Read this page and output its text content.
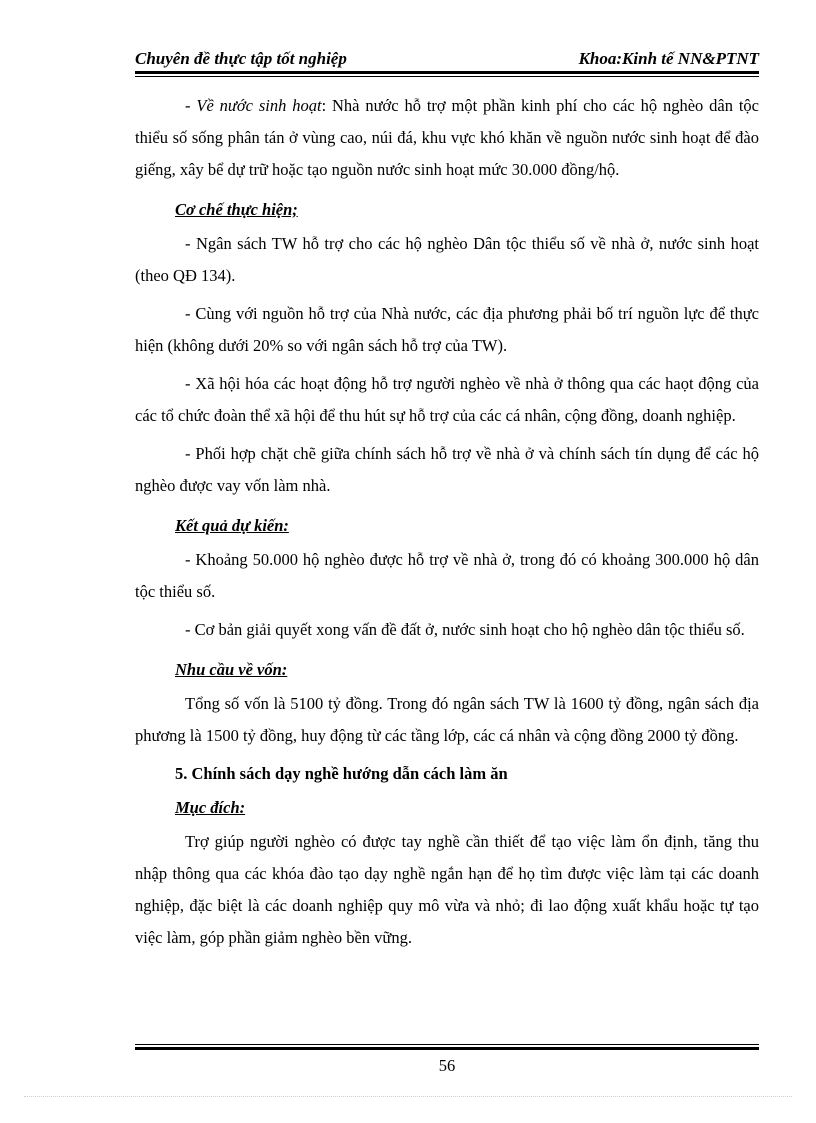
Chuyên đề thực tập tốt nghiệp	Khoa:Kinh tế NN&PTNT

- Về nước sinh hoạt: Nhà nước hỗ trợ một phần kinh phí cho các hộ nghèo dân tộc thiểu số sống phân tán ở vùng cao, núi đá, khu vực khó khăn về nguồn nước sinh hoạt để đào giếng, xây bể dự trữ hoặc tạo nguồn nước sinh hoạt mức 30.000 đồng/hộ.

Cơ chế thực hiện;

- Ngân sách TW hỗ trợ cho các hộ nghèo Dân tộc thiểu số về nhà ở, nước sinh hoạt (theo QĐ 134).

- Cùng với nguồn hỗ trợ của Nhà nước, các địa phương phải bố trí nguồn lực để thực hiện (không dưới 20% so với ngân sách hỗ trợ của TW).

- Xã hội hóa các hoạt động hỗ trợ người nghèo về nhà ở thông qua các haọt động của các tổ chức đoàn thể xã hội để thu hút sự hỗ trợ của các cá nhân, cộng đồng, doanh nghiệp.

- Phối hợp chặt chẽ giữa chính sách hỗ trợ về nhà ở và chính sách tín dụng để các hộ nghèo được vay vốn làm nhà.

Kết quả dự kiến:

- Khoảng 50.000 hộ nghèo được hỗ trợ về nhà ở, trong đó có khoảng 300.000 hộ dân tộc thiểu số.

- Cơ bản giải quyết xong vấn đề đất ở, nước sinh hoạt cho hộ nghèo dân tộc thiểu số.

Nhu cầu về vốn:

Tổng số vốn là 5100 tỷ đồng. Trong đó ngân sách TW là 1600 tỷ đồng, ngân sách địa phương là 1500 tỷ đồng, huy động từ các tầng lớp, các cá nhân và cộng đồng 2000 tỷ đồng.

5. Chính sách dạy nghề hướng dẫn cách làm ăn

Mục đích:

Trợ giúp người nghèo có được tay nghề cần thiết để tạo việc làm ổn định, tăng thu nhập thông qua các khóa đào tạo dạy nghề ngắn hạn để họ tìm được việc làm tại các doanh nghiệp, đặc biệt là các doanh nghiệp quy mô vừa và nhỏ; đi lao động xuất khẩu hoặc tự tạo việc làm, góp phần giảm nghèo bền vững.

56
